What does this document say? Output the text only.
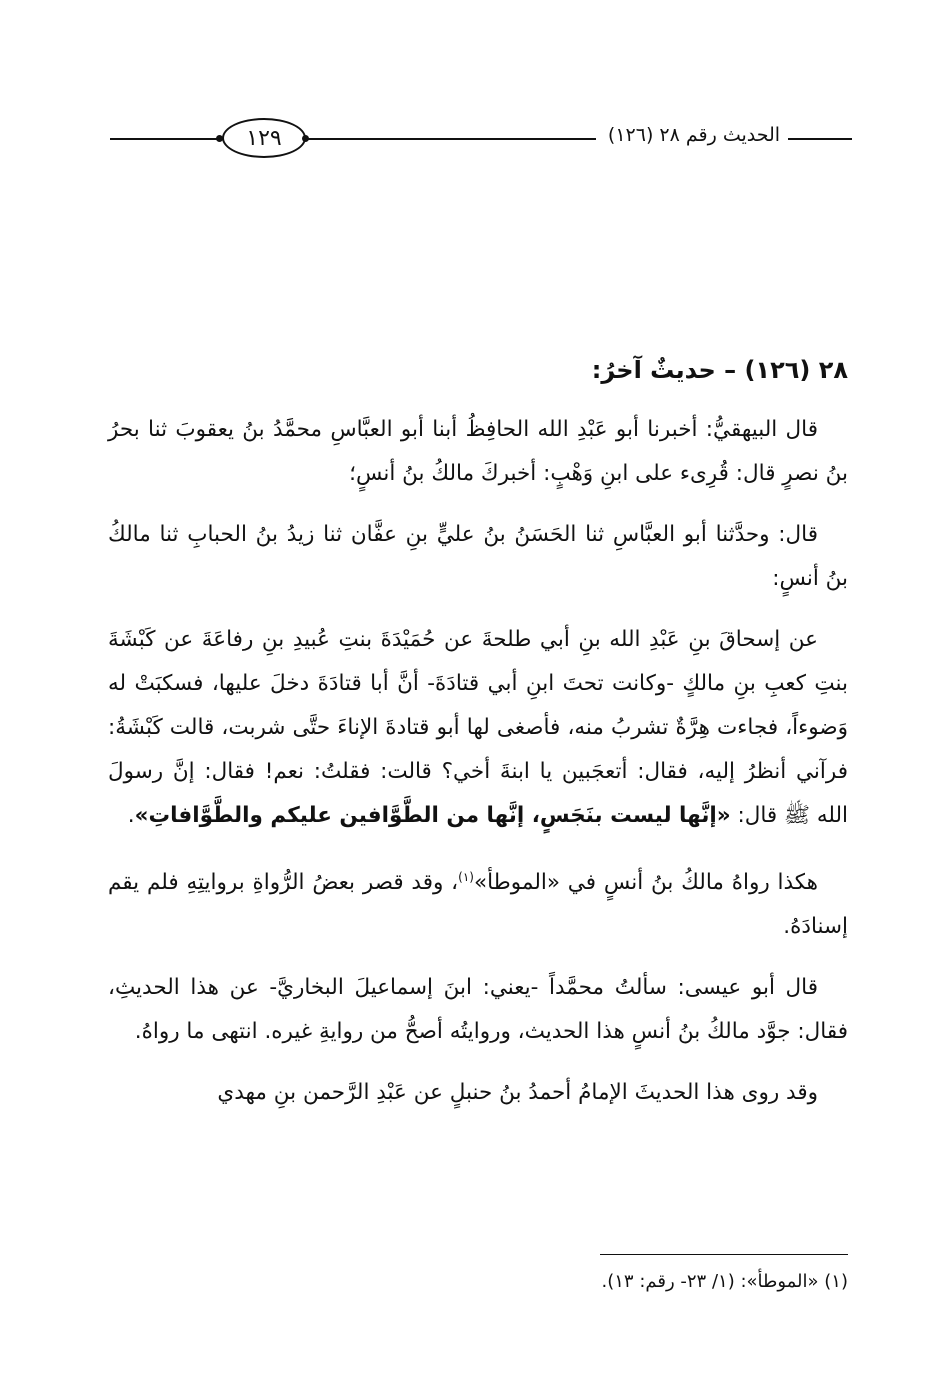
١٢٩	الحديث رقم ٢٨ (١٢٦)
٢٨ (١٢٦) – حديثٌ آخرُ:

قال البيهقيُّ: أخبرنا أبو عَبْدِ الله الحافِظُ أبنا أبو العبَّاسِ محمَّدُ بنُ يعقوبَ ثنا بحرُ بنُ نصرٍ قال: قُرِىء على ابنِ وَهْبٍ: أخبركَ مالكُ بنُ أنسٍ؛

قال: وحدَّثنا أبو العبَّاسِ ثنا الحَسَنُ بنُ عليٍّ بنِ عفَّان ثنا زيدُ بنُ الحبابِ ثنا مالكُ بنُ أنسٍ:

عن إسحاقَ بنِ عَبْدِ الله بنِ أبي طلحةَ عن حُمَيْدَةَ بنتِ عُبيدِ بنِ رفاعَةَ عن كَبْشَةَ بنتِ كعبِ بنِ مالكٍ -وكانت تحتَ ابنِ أبي قتادَةَ- أنَّ أبا قتادَةَ دخلَ عليها، فسكبَتْ له وَضوءاً، فجاءت هِرَّةٌ تشربُ منه، فأصغى لها أبو قتادةَ الإناءَ حتَّى شربت، قالت كَبْشَةُ: فرآني أنظرُ إليه، فقال: أتعجَبين يا ابنةَ أخي؟ قالت: فقلتُ: نعم! فقال: إنَّ رسولَ الله ﷺ قال: «إنَّها ليست بنَجَسٍ، إنَّها من الطَّوَّافين عليكم والطَّوَّافاتِ».

هكذا رواهُ مالكُ بنُ أنسٍ في «الموطأ»$^{(١)}$، وقد قصر بعضُ الرُّواةِ بروايتِهِ فلم يقم إسنادَهُ.

قال أبو عيسى: سألتُ محمَّداً -يعني: ابنَ إسماعيلَ البخاريَّ- عن هذا الحديثِ، فقال: جوَّد مالكُ بنُ أنسٍ هذا الحديث، وروايتُه أصحُّ من روايةِ غيره. انتهى ما رواهُ.

وقد روى هذا الحديثَ الإمامُ أحمدُ بنُ حنبلٍ عن عَبْدِ الرَّحمن بنِ مهدي

(١) «الموطأ»: (١/ ٢٣- رقم: ١٣).
